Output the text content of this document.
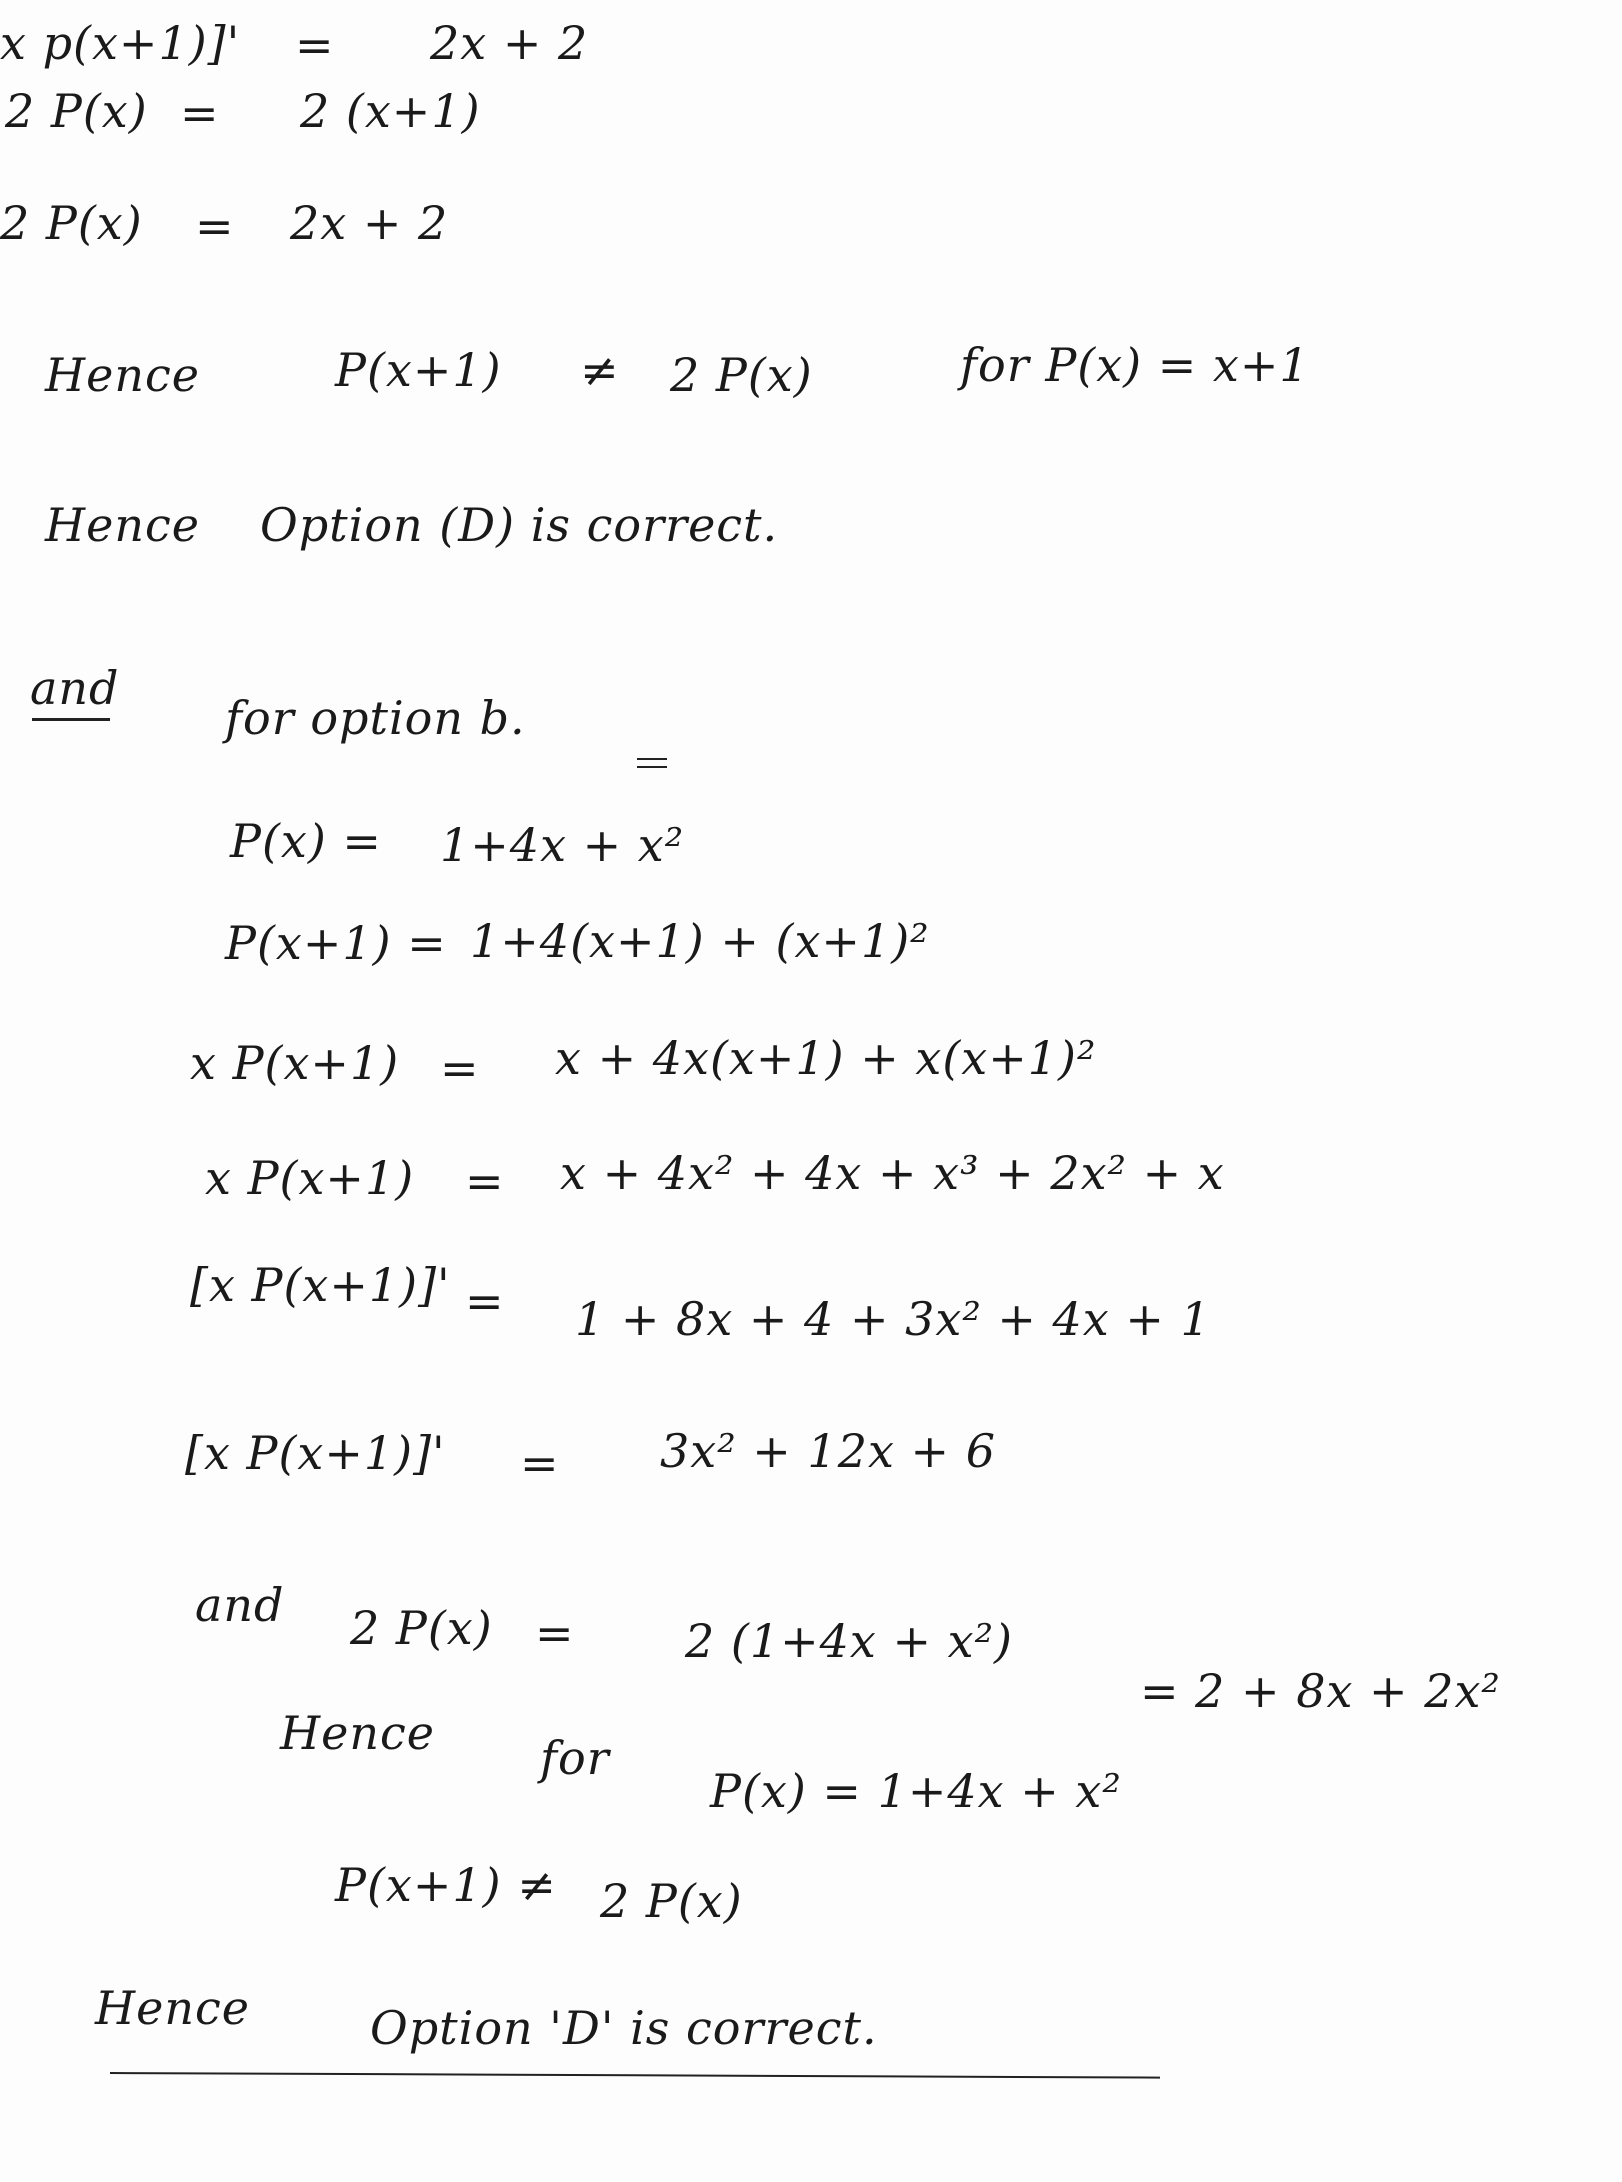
x p(x+1)]' = 2x + 2
2 P(x) = 2 (x+1)
2 P(x) = 2x + 2
Hence	P(x+1) ≠ 2 P(x)	for P(x) = x+1
Hence Option (D) is correct.
and
for option b.
P(x) = 1+4x + x²
P(x+1) = 1+4(x+1) + (x+1)²
x P(x+1) = x + 4x(x+1) + x(x+1)²
x P(x+1) = x + 4x² + 4x + x³ + 2x² + x
[x P(x+1)]' = 1 + 8x + 4 + 3x² + 4x + 1
[x P(x+1)]' = 3x² + 12x + 6
and 2 P(x) = 2 (1+4x + x²)
= 2 + 8x + 2x²
Hence for
P(x) = 1+4x + x²
P(x+1) ≠ 2 P(x)
Hence	Option 'D' is correct.
